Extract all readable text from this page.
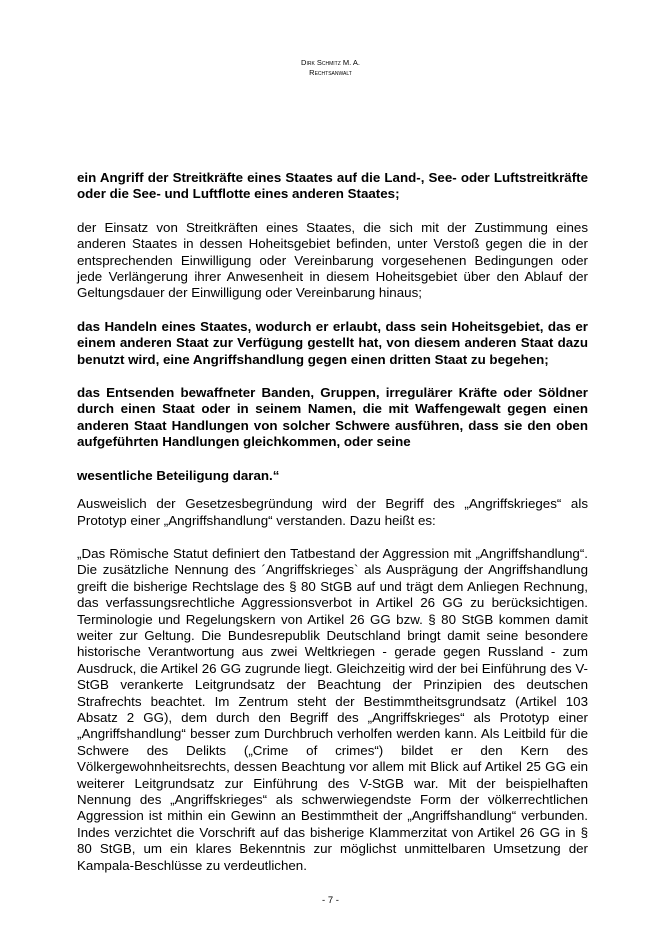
Dirk Schmitz M. A.
Rechtsanwalt

ein Angriff der Streitkräfte eines Staates auf die Land-, See- oder Luftstreitkräfte oder die See- und Luftflotte eines anderen Staates;

der Einsatz von Streitkräften eines Staates, die sich mit der Zustimmung eines anderen Staates in dessen Hoheitsgebiet befinden, unter Verstoß gegen die in der entsprechenden Einwilligung oder Vereinbarung vorgesehenen Bedingungen oder jede Verlängerung ihrer Anwesenheit in diesem Hoheitsgebiet über den Ablauf der Geltungsdauer der Einwilligung oder Vereinbarung hinaus;

das Handeln eines Staates, wodurch er erlaubt, dass sein Hoheitsgebiet, das er einem anderen Staat zur Verfügung gestellt hat, von diesem anderen Staat dazu benutzt wird, eine Angriffshandlung gegen einen dritten Staat zu begehen;

das Entsenden bewaffneter Banden, Gruppen, irregulärer Kräfte oder Söldner durch einen Staat oder in seinem Namen, die mit Waffengewalt gegen einen anderen Staat Handlungen von solcher Schwere ausführen, dass sie den oben aufgeführten Handlungen gleichkommen, oder seine

wesentliche Beteiligung daran.“

Ausweislich der Gesetzesbegründung wird der Begriff des „Angriffskrieges“ als Prototyp einer „Angriffshandlung“ verstanden. Dazu heißt es:

„Das Römische Statut definiert den Tatbestand der Aggression mit „Angriffshandlung“. Die zusätzliche Nennung des ´Angriffskrieges` als Ausprägung der Angriffshandlung greift die bisherige Rechtslage des § 80 StGB auf und trägt dem Anliegen Rechnung, das verfassungsrechtliche Aggressionsverbot in Artikel 26 GG zu berücksichtigen. Terminologie und Regelungskern von Artikel 26 GG bzw. § 80 StGB kommen damit weiter zur Geltung. Die Bundesrepublik Deutschland bringt damit seine besondere historische Verantwortung aus zwei Weltkriegen - gerade gegen Russland - zum Ausdruck, die Artikel 26 GG zugrunde liegt. Gleichzeitig wird der bei Einführung des V-StGB verankerte Leitgrundsatz der Beachtung der Prinzipien des deutschen Strafrechts beachtet. Im Zentrum steht der Bestimmtheitsgrundsatz (Artikel 103 Absatz 2 GG), dem durch den Begriff des „Angriffskrieges“ als Prototyp einer „Angriffshandlung“ besser zum Durchbruch verholfen werden kann. Als Leitbild für die Schwere des Delikts („Crime of crimes“) bildet er den Kern des Völkergewohnheitsrechts, dessen Beachtung vor allem mit Blick auf Artikel 25 GG ein weiterer Leitgrundsatz zur Einführung des V-StGB war. Mit der beispielhaften Nennung des „Angriffskrieges“ als schwerwiegendste Form der völkerrechtlichen Aggression ist mithin ein Gewinn an Bestimmtheit der „Angriffshandlung“ verbunden. Indes verzichtet die Vorschrift auf das bisherige Klammerzitat von Artikel 26 GG in § 80 StGB, um ein klares Bekenntnis zur möglichst unmittelbaren Umsetzung der Kampala-Beschlüsse zu verdeutlichen.

- 7 -
